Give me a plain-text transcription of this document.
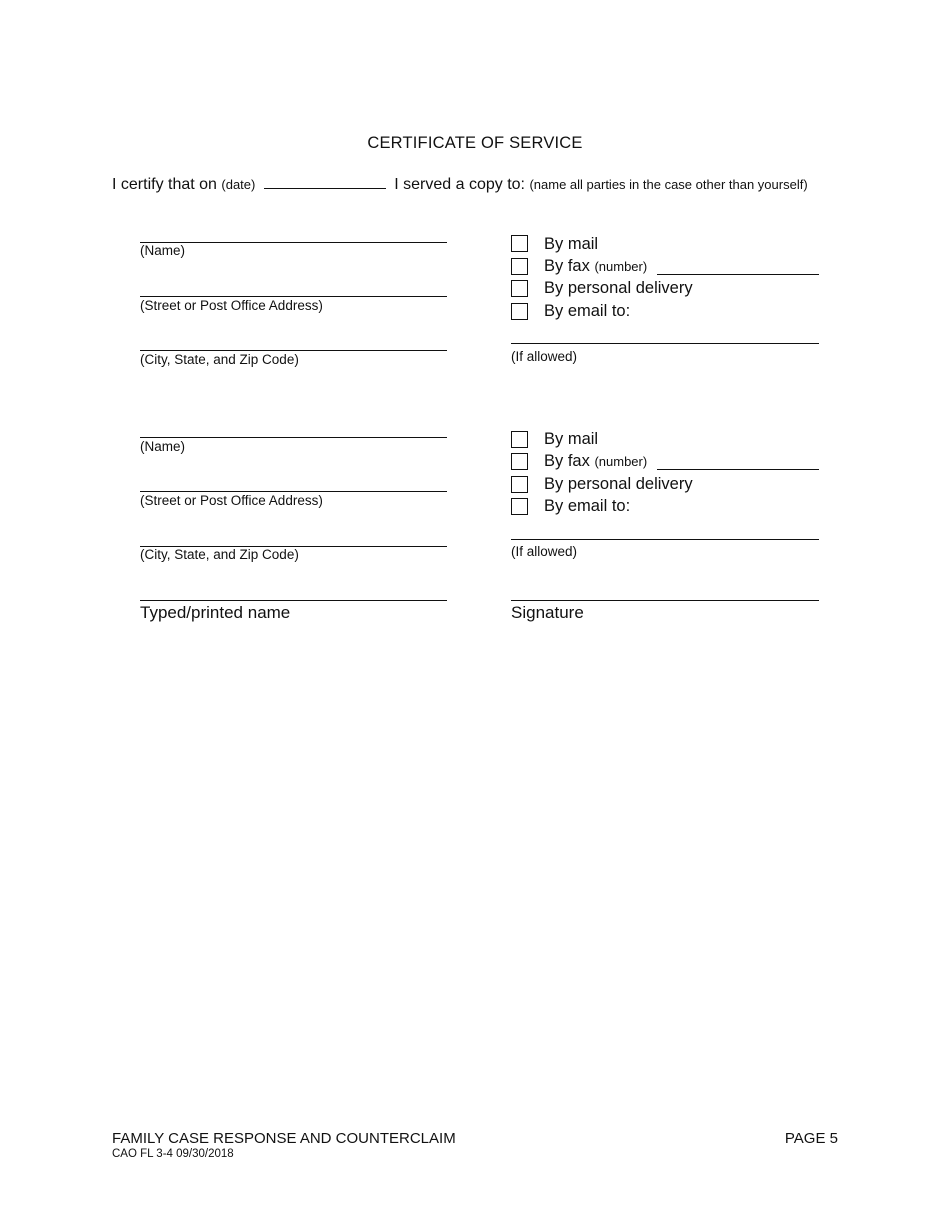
CERTIFICATE OF SERVICE
I certify that on (date)	I served a copy to: (name all parties in the case other than yourself)
(Name)
(Street or Post Office Address)
(City, State, and Zip Code)
By mail
By fax (number)
By personal delivery
By email to:
(If allowed)
(Name)
(Street or Post Office Address)
(City, State, and Zip Code)
By mail
By fax (number)
By personal delivery
By email to:
(If allowed)
Typed/printed name	Signature
FAMILY CASE RESPONSE AND COUNTERCLAIM
CAO FL 3-4 09/30/2018
PAGE 5
